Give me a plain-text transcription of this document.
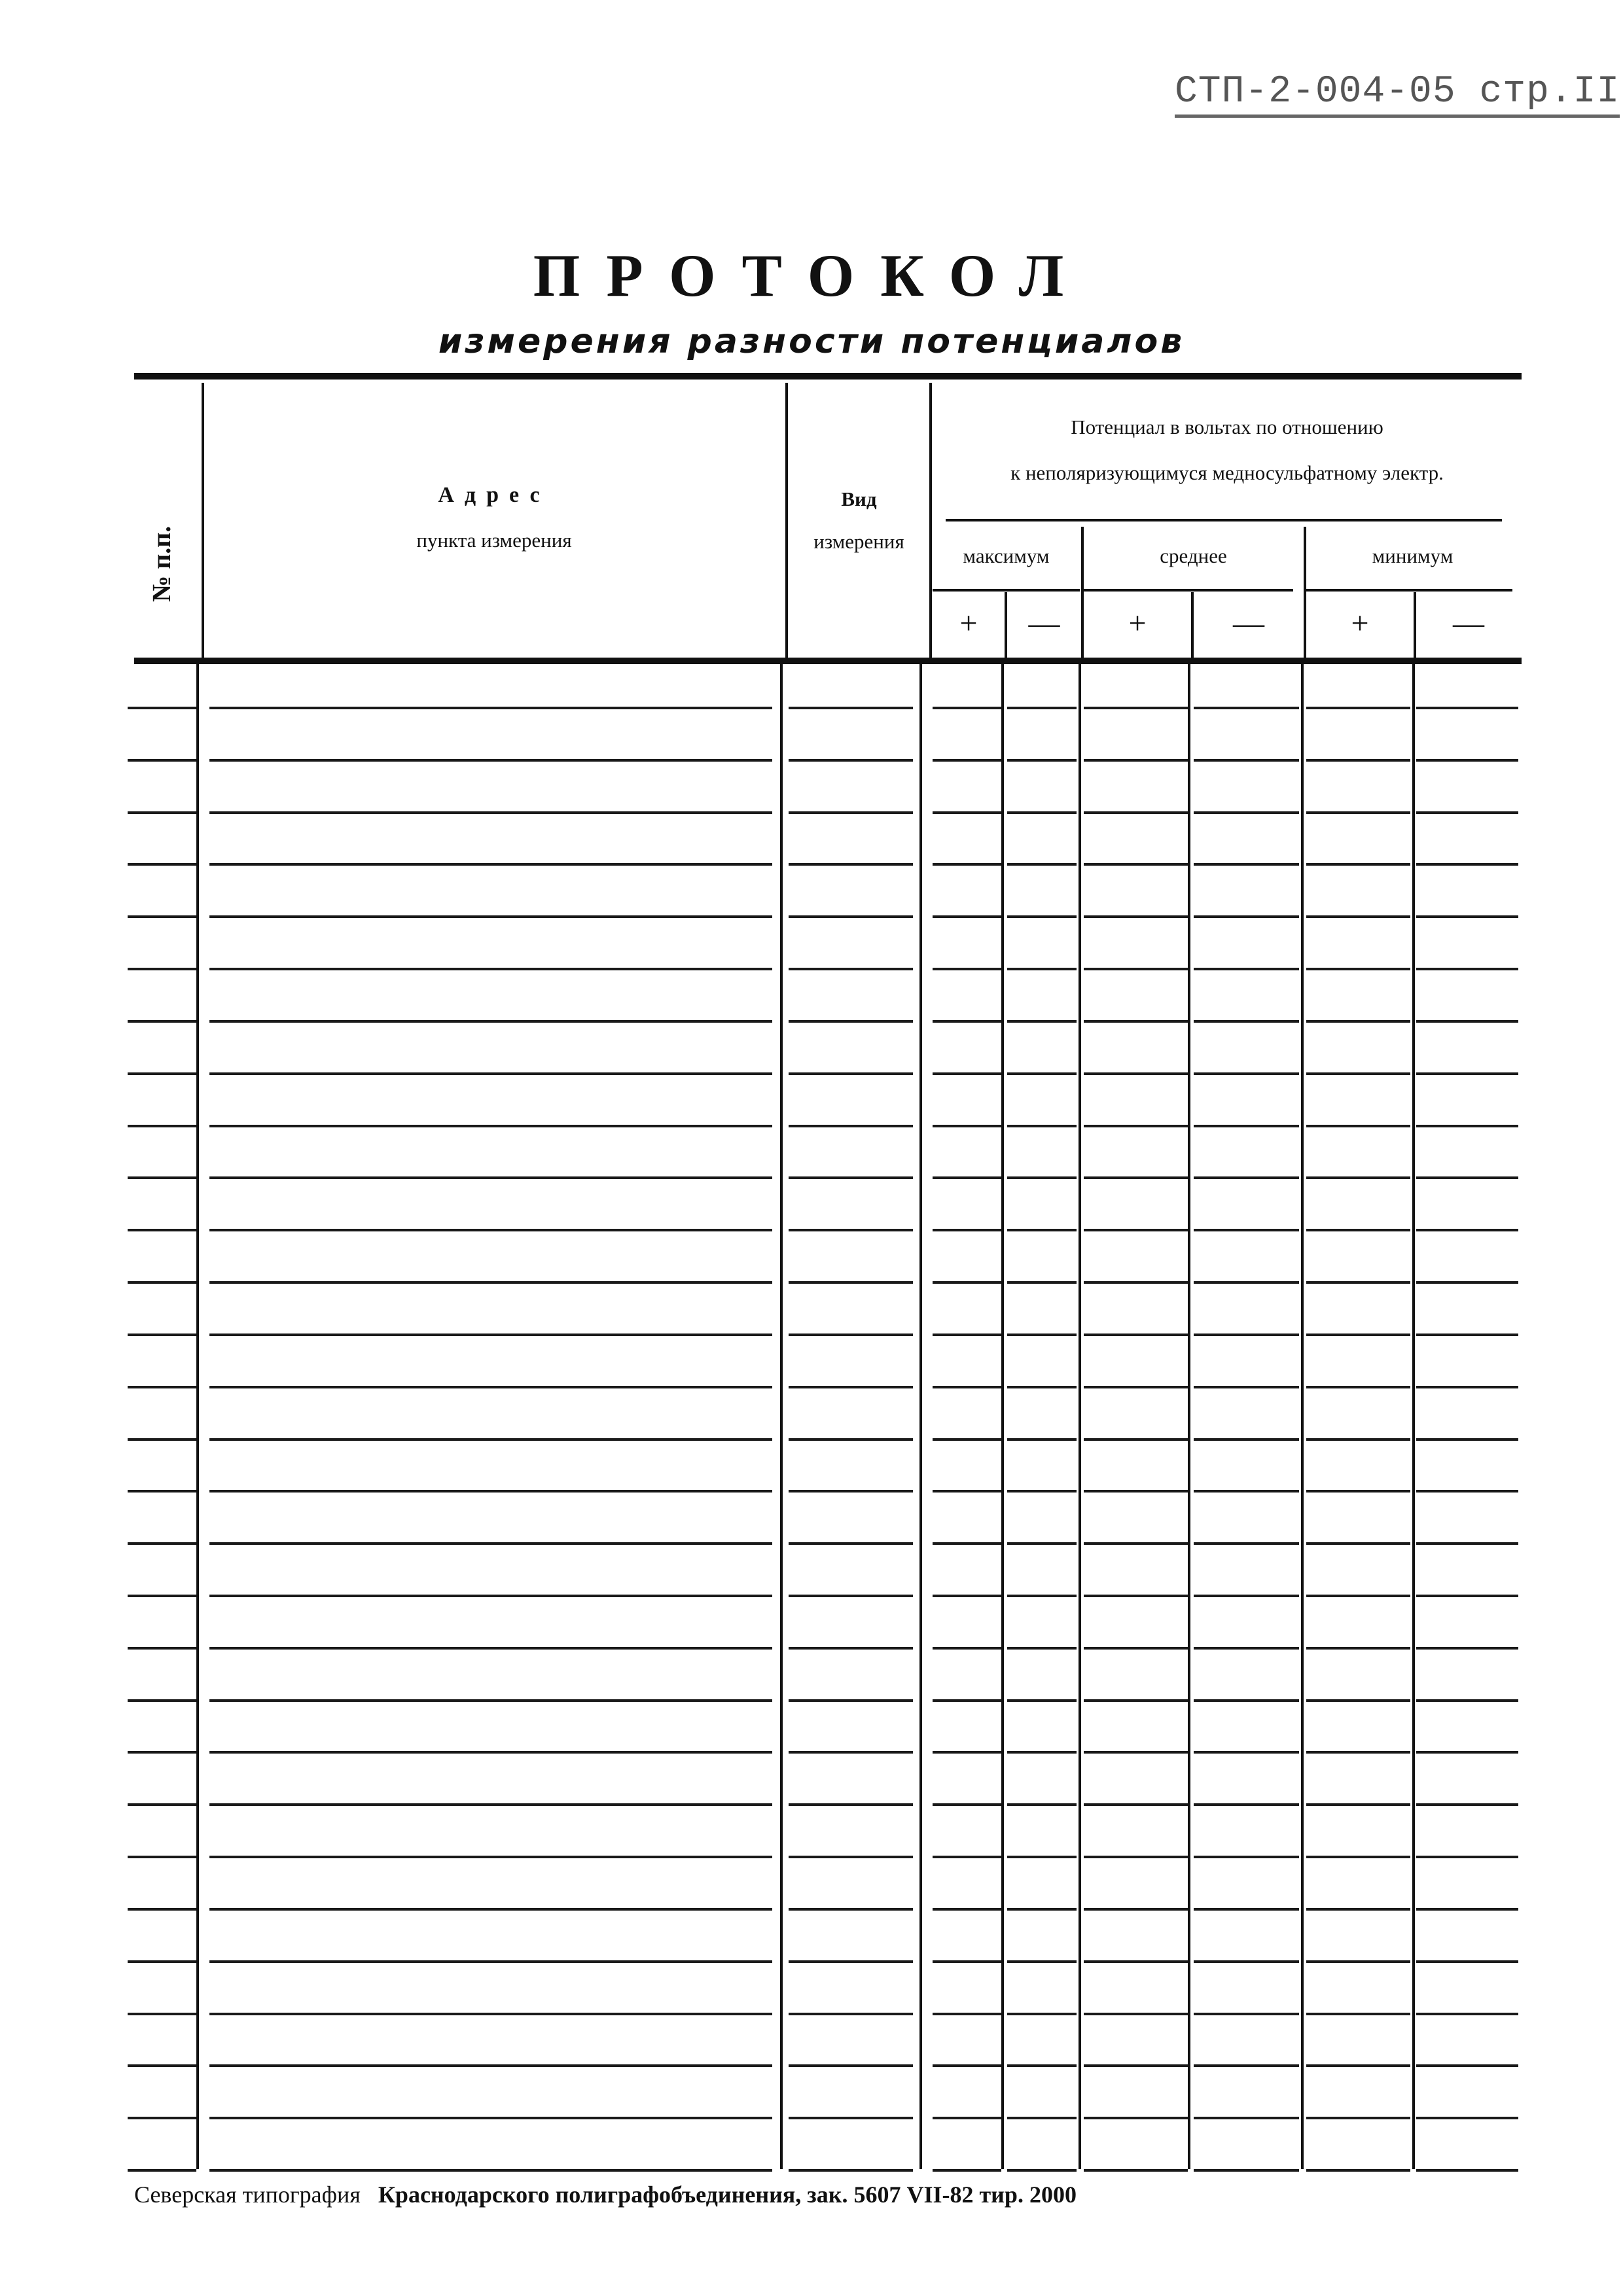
СТП-2-004-05 стр.II
ПРОТОКОЛ
измерения разности потенциалов
№ п.п.
Адрес
пункта измерения
Вид
измерения
Потенциал в вольтах по отношению
к неполяризующимуся медносульфатному электр.
максимум	среднее	минимум
+	—	+	—	+	—
Северская типография Краснодарского полиграфобъединения, зак. 5607 VII-82 тир. 2000
